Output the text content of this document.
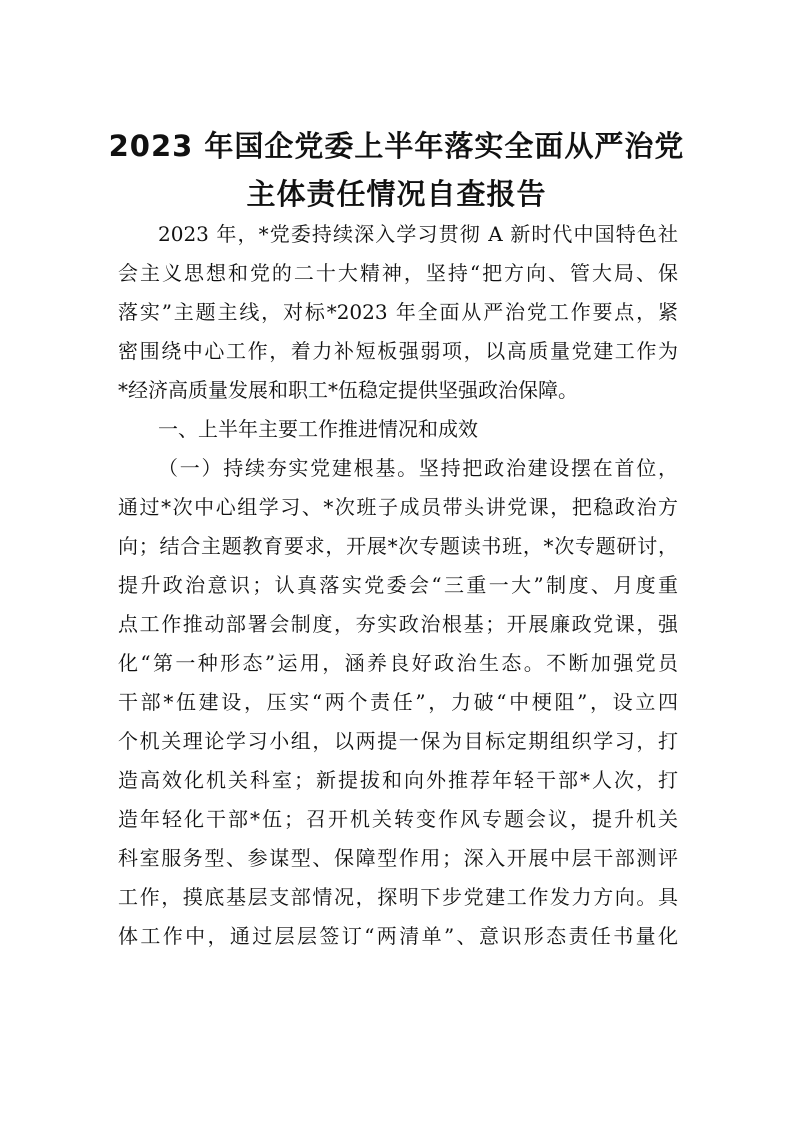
2023 年国企党委上半年落实全面从严治党
主体责任情况自查报告
2023 年，*党委持续深入学习贯彻 A 新时代中国特色社
会主义思想和党的二十大精神，坚持“把方向、管大局、保
落实”主题主线，对标*2023 年全面从严治党工作要点，紧
密围绕中心工作，着力补短板强弱项，以高质量党建工作为
*经济高质量发展和职工*伍稳定提供坚强政治保障。
一、上半年主要工作推进情况和成效
（一）持续夯实党建根基。坚持把政治建设摆在首位，
通过*次中心组学习、*次班子成员带头讲党课，把稳政治方
向；结合主题教育要求，开展*次专题读书班，*次专题研讨，
提升政治意识；认真落实党委会“三重一大”制度、月度重
点工作推动部署会制度，夯实政治根基；开展廉政党课，强
化“第一种形态”运用，涵养良好政治生态。不断加强党员
干部*伍建设，压实“两个责任”，力破“中梗阻”，设立四
个机关理论学习小组，以两提一保为目标定期组织学习，打
造高效化机关科室；新提拔和向外推荐年轻干部*人次，打
造年轻化干部*伍；召开机关转变作风专题会议，提升机关
科室服务型、参谋型、保障型作用；深入开展中层干部测评
工作，摸底基层支部情况，探明下步党建工作发力方向。具
体工作中，通过层层签订“两清单”、意识形态责任书量化
